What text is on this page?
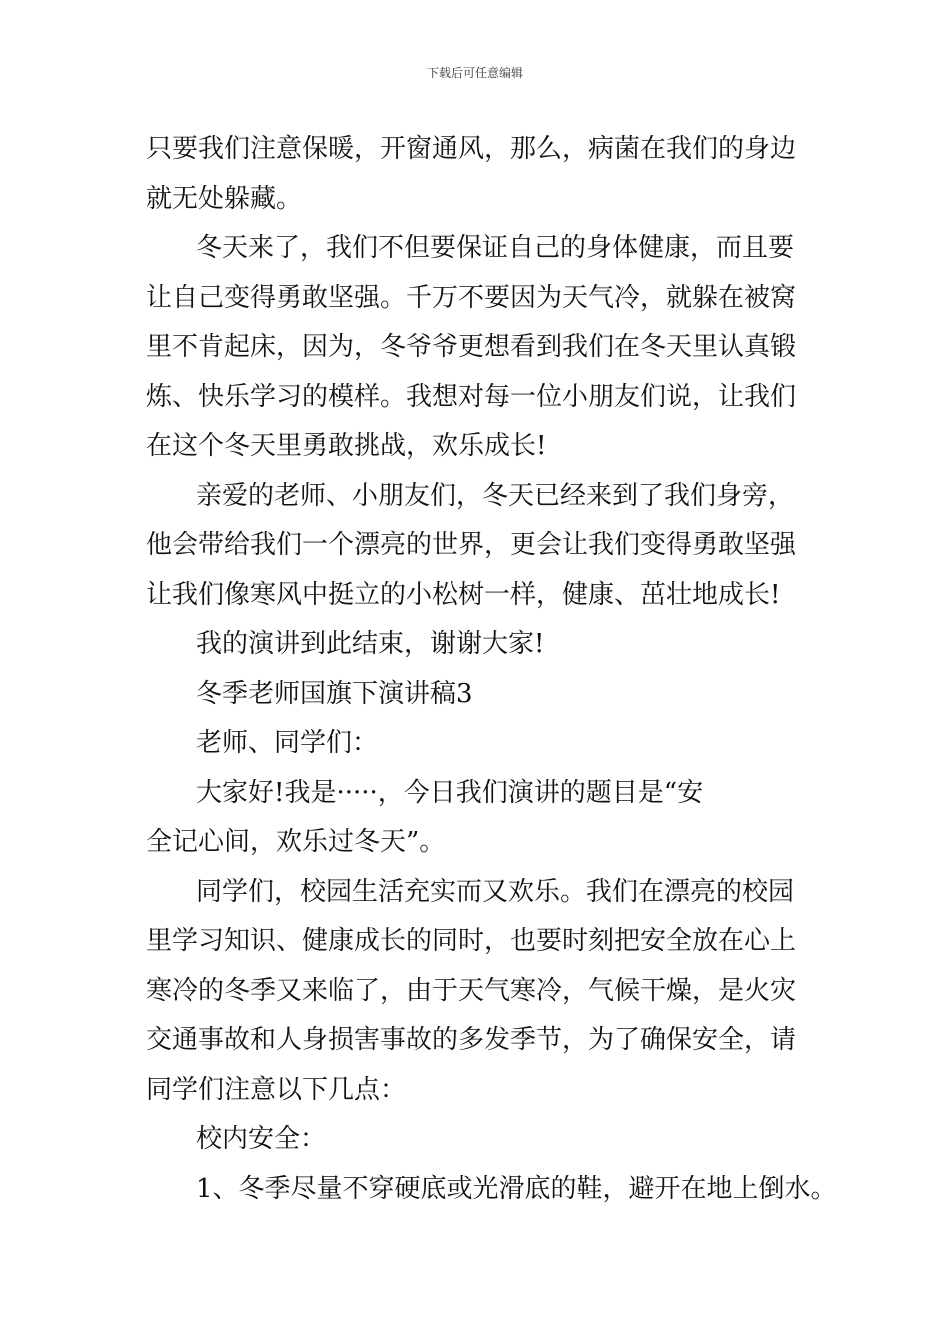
下载后可任意编辑
只要我们注意保暖，开窗通风，那么，病菌在我们的身边
就无处躲藏。
冬天来了，我们不但要保证自己的身体健康，而且要
让自己变得勇敢坚强。千万不要因为天气冷，就躲在被窝
里不肯起床，因为，冬爷爷更想看到我们在冬天里认真锻
炼、快乐学习的模样。我想对每一位小朋友们说，让我们
在这个冬天里勇敢挑战，欢乐成长!
亲爱的老师、小朋友们，冬天已经来到了我们身旁，
他会带给我们一个漂亮的世界，更会让我们变得勇敢坚强
让我们像寒风中挺立的小松树一样，健康、茁壮地成长!
我的演讲到此结束，谢谢大家!
冬季老师国旗下演讲稿3
老师、同学们：
大家好!我是·····，今日我们演讲的题目是“安
全记心间，欢乐过冬天”。
同学们，校园生活充实而又欢乐。我们在漂亮的校园
里学习知识、健康成长的同时，也要时刻把安全放在心上
寒冷的冬季又来临了，由于天气寒冷，气候干燥，是火灾
交通事故和人身损害事故的多发季节，为了确保安全，请
同学们注意以下几点：
校内安全：
1、冬季尽量不穿硬底或光滑底的鞋，避开在地上倒水。
